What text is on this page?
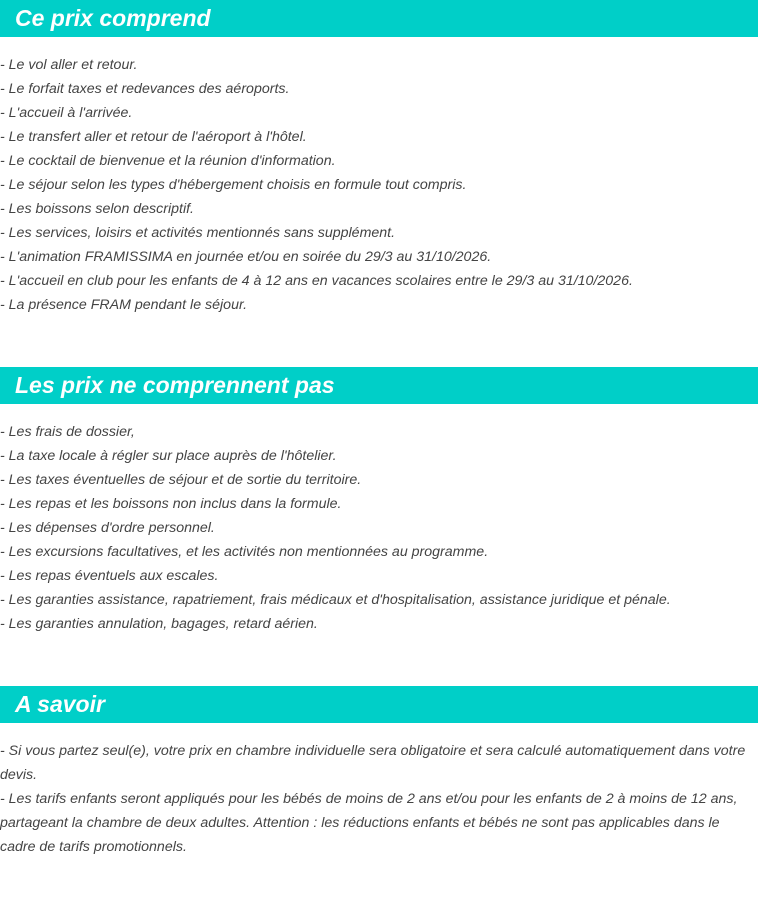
Ce prix comprend
- Le vol aller et retour.
- Le forfait taxes et redevances des aéroports.
- L'accueil à l'arrivée.
- Le transfert aller et retour de l'aéroport à l'hôtel.
- Le cocktail de bienvenue et la réunion d'information.
- Le séjour selon les types d'hébergement choisis en formule tout compris.
- Les boissons selon descriptif.
- Les services, loisirs et activités mentionnés sans supplément.
- L'animation FRAMISSIMA en journée et/ou en soirée du 29/3 au 31/10/2026.
- L'accueil en club pour les enfants de 4 à 12 ans en vacances scolaires entre le 29/3 au 31/10/2026.
- La présence FRAM pendant le séjour.
Les prix ne comprennent pas
- Les frais de dossier,
- La taxe locale à régler sur place auprès de l'hôtelier.
- Les taxes éventuelles de séjour et de sortie du territoire.
- Les repas et les boissons non inclus dans la formule.
- Les dépenses d'ordre personnel.
- Les excursions facultatives, et les activités non mentionnées au programme.
- Les repas éventuels aux escales.
- Les garanties assistance, rapatriement, frais médicaux et d'hospitalisation, assistance juridique et pénale.
- Les garanties annulation, bagages, retard aérien.
A savoir

- Si vous partez seul(e), votre prix en chambre individuelle sera obligatoire et sera calculé automatiquement dans votre devis.

- Les tarifs enfants seront appliqués pour les bébés de moins de 2 ans et/ou pour les enfants de 2 à moins de 12 ans, partageant la chambre de deux adultes. Attention : les réductions enfants et bébés ne sont pas applicables dans le cadre de tarifs promotionnels.
